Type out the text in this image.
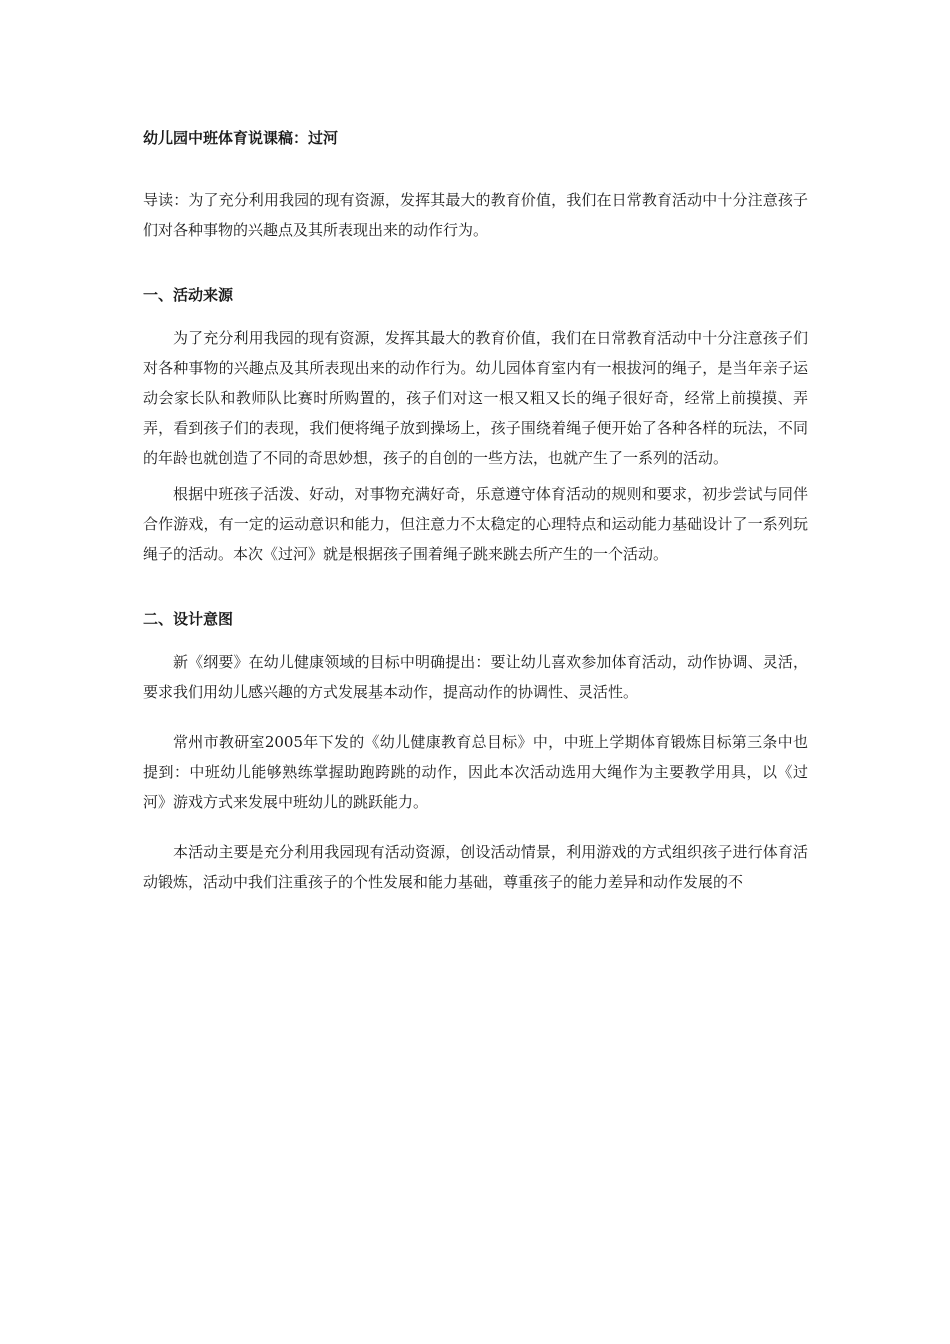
幼儿园中班体育说课稿：过河

导读：为了充分利用我园的现有资源，发挥其最大的教育价值，我们在日常教育活动中十分注意孩子们对各种事物的兴趣点及其所表现出来的动作行为。

一、活动来源

为了充分利用我园的现有资源，发挥其最大的教育价值，我们在日常教育活动中十分注意孩子们对各种事物的兴趣点及其所表现出来的动作行为。幼儿园体育室内有一根拔河的绳子，是当年亲子运动会家长队和教师队比赛时所购置的，孩子们对这一根又粗又长的绳子很好奇，经常上前摸摸、弄弄，看到孩子们的表现，我们便将绳子放到操场上，孩子围绕着绳子便开始了各种各样的玩法，不同的年龄也就创造了不同的奇思妙想，孩子的自创的一些方法，也就产生了一系列的活动。

根据中班孩子活泼、好动，对事物充满好奇，乐意遵守体育活动的规则和要求，初步尝试与同伴合作游戏，有一定的运动意识和能力，但注意力不太稳定的心理特点和运动能力基础设计了一系列玩绳子的活动。本次《过河》就是根据孩子围着绳子跳来跳去所产生的一个活动。

二、设计意图

新《纲要》在幼儿健康领域的目标中明确提出：要让幼儿喜欢参加体育活动，动作协调、灵活，要求我们用幼儿感兴趣的方式发展基本动作，提高动作的协调性、灵活性。

常州市教研室2005年下发的《幼儿健康教育总目标》中，中班上学期体育锻炼目标第三条中也提到：中班幼儿能够熟练掌握助跑跨跳的动作，因此本次活动选用大绳作为主要教学用具，以《过河》游戏方式来发展中班幼儿的跳跃能力。

本活动主要是充分利用我园现有活动资源，创设活动情景，利用游戏的方式组织孩子进行体育活动锻炼，活动中我们注重孩子的个性发展和能力基础，尊重孩子的能力差异和动作发展的不
